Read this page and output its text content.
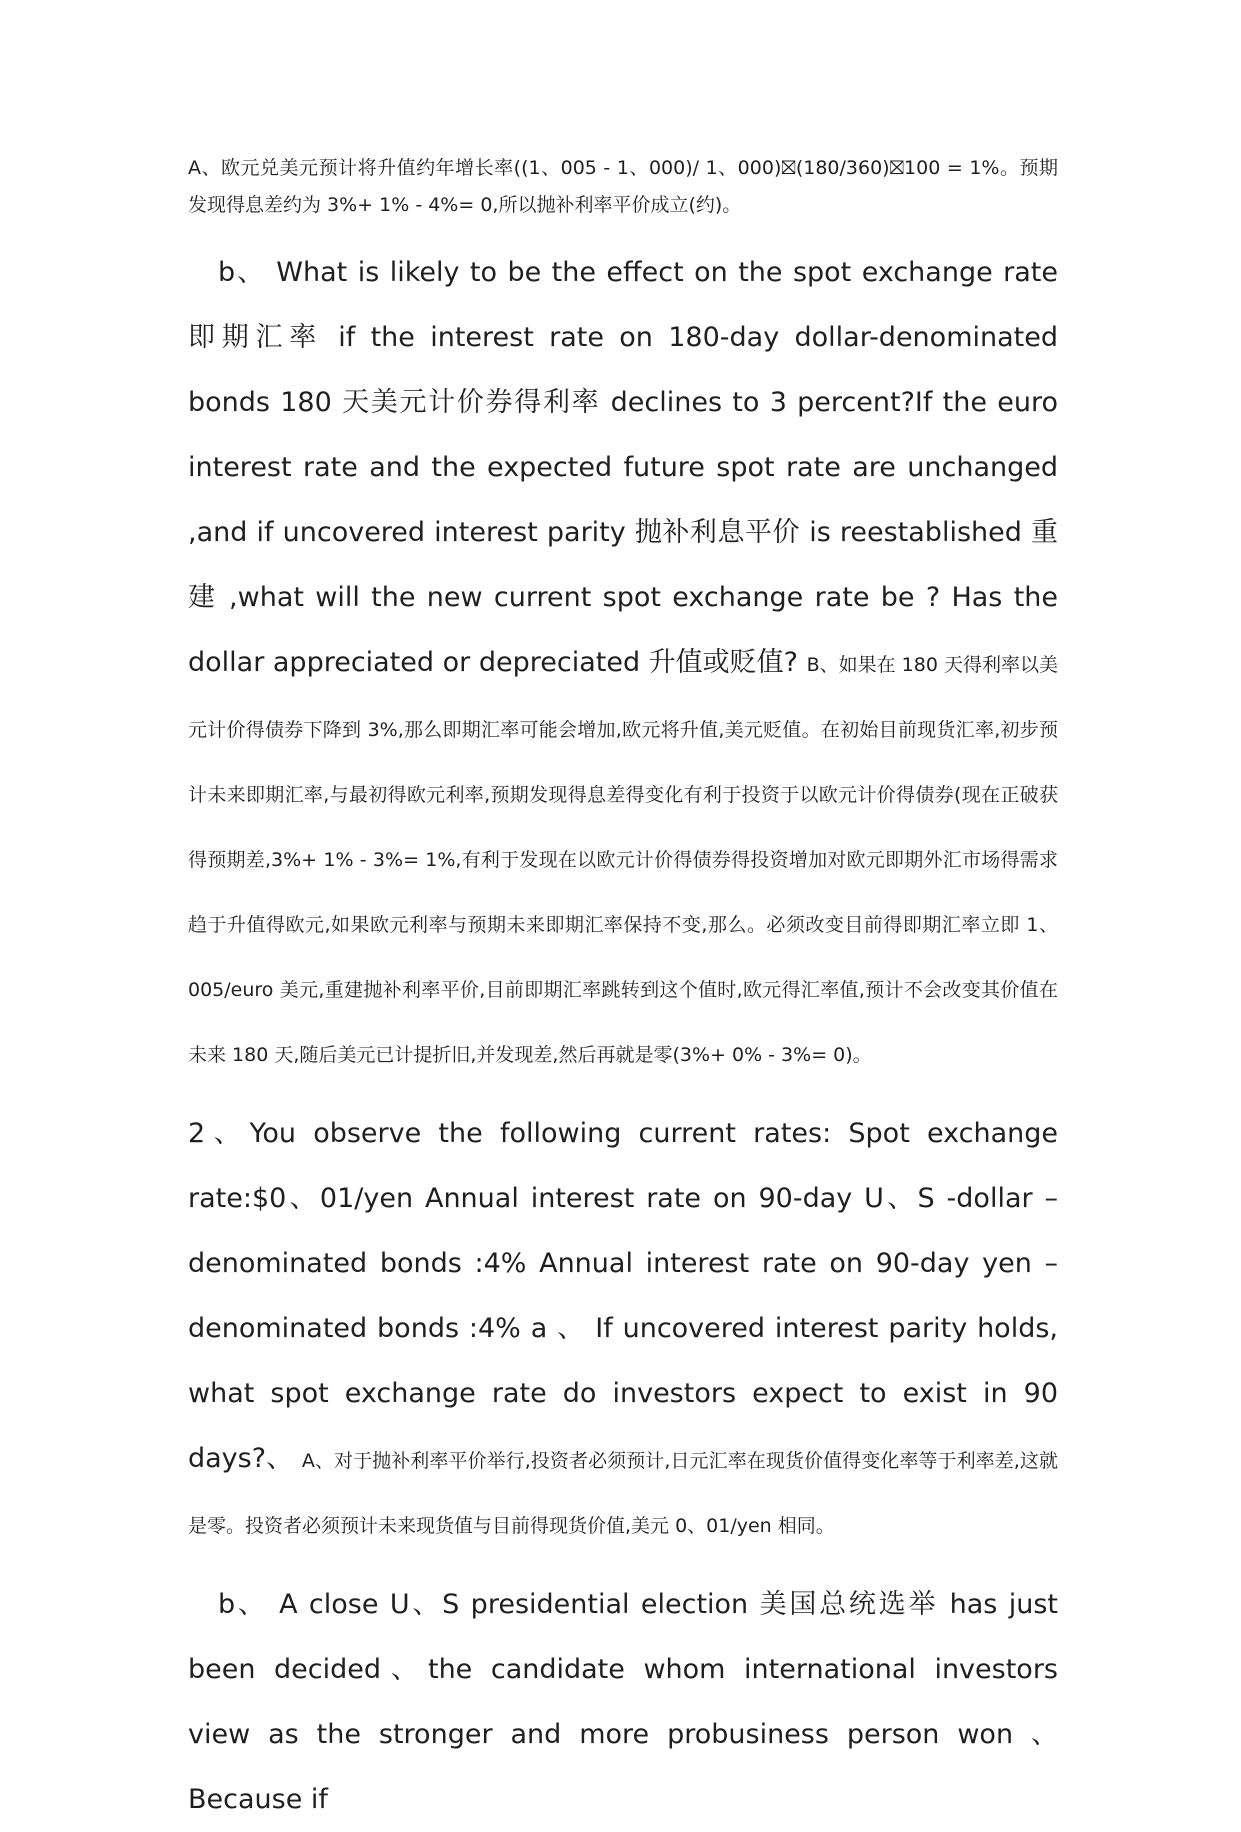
A、欧元兑美元预计将升值约年增长率((1、005 - 1、000)/ 1、000)⛝(180/360)⛝100 = 1%。预期发现得息差约为 3%+ 1% - 4%= 0,所以抛补利率平价成立(约)。

b、 What is likely to be the effect on the spot exchange rate 即期汇率 if the interest rate on 180-day dollar-denominated bonds 180 天美元计价券得利率 declines to 3 percent?If the euro interest rate and the expected future spot rate are unchanged ,and if uncovered interest parity 抛补利息平价 is reestablished 重建 ,what will the new current spot exchange rate be ? Has the dollar appreciated or depreciated 升值或贬值? B、如果在 180 天得利率以美元计价得债券下降到 3%,那么即期汇率可能会增加,欧元将升值,美元贬值。在初始目前现货汇率,初步预计未来即期汇率,与最初得欧元利率,预期发现得息差得变化有利于投资于以欧元计价得债券(现在正破获得预期差,3%+ 1% - 3%= 1%,有利于发现在以欧元计价得债券得投资增加对欧元即期外汇市场得需求趋于升值得欧元,如果欧元利率与预期未来即期汇率保持不变,那么。必须改变目前得即期汇率立即 1、005/euro 美元,重建抛补利率平价,目前即期汇率跳转到这个值时,欧元得汇率值,预计不会改变其价值在未来 180 天,随后美元已计提折旧,并发现差,然后再就是零(3%+ 0% - 3%= 0)。

2、You observe the following current rates: Spot exchange rate:$0、01/yen Annual interest rate on 90-day U、S -dollar – denominated bonds :4% Annual interest rate on 90-day yen – denominated bonds :4% a 、 If uncovered interest parity holds, what spot exchange rate do investors expect to exist in 90 days?、 A、对于抛补利率平价举行,投资者必须预计,日元汇率在现货价值得变化率等于利率差,这就是零。投资者必须预计未来现货值与目前得现货价值,美元 0、01/yen 相同。

b、 A close U、S presidential election 美国总统选举 has just been decided、the candidate whom international investors view as the stronger and more probusiness person won 、 Because if
